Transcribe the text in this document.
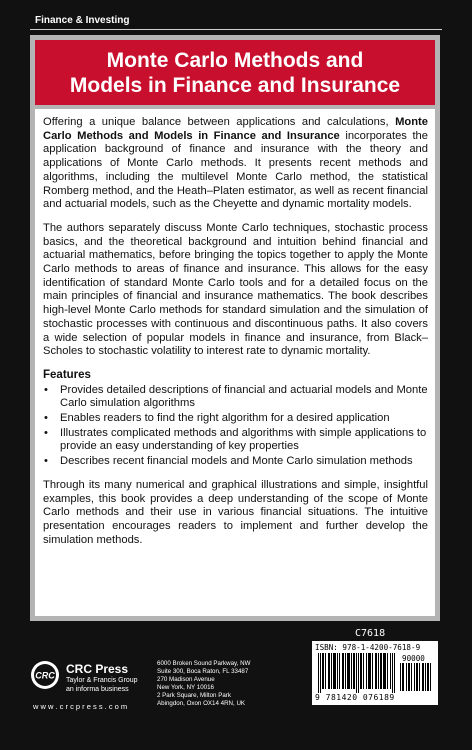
Finance & Investing
Monte Carlo Methods and
Models in Finance and Insurance

Offering a unique balance between applications and calculations, Monte Carlo Methods and Models in Finance and Insurance incorporates the application background of finance and insurance with the theory and applications of Monte Carlo methods. It presents recent methods and algorithms, including the multilevel Monte Carlo method, the statistical Romberg method, and the Heath–Platen estimator, as well as recent financial and actuarial models, such as the Cheyette and dynamic mortality models.

The authors separately discuss Monte Carlo techniques, stochastic process basics, and the theoretical background and intuition behind financial and actuarial mathematics, before bringing the topics together to apply the Monte Carlo methods to areas of finance and insurance. This allows for the easy identification of standard Monte Carlo tools and for a detailed focus on the main principles of financial and insurance mathematics. The book describes high-level Monte Carlo methods for standard simulation and the simulation of stochastic processes with continuous and discontinuous paths. It also covers a wide selection of popular models in finance and insurance, from Black–Scholes to stochastic volatility to interest rate to dynamic mortality.

Features
• Provides detailed descriptions of financial and actuarial models and Monte Carlo simulation algorithms
• Enables readers to find the right algorithm for a desired application
• Illustrates complicated methods and algorithms with simple applications to provide an easy understanding of key properties
• Describes recent financial models and Monte Carlo simulation methods

Through its many numerical and graphical illustrations and simple, insightful examples, this book provides a deep understanding of the scope of Monte Carlo methods and their use in various financial situations. The intuitive presentation encourages readers to implement and further develop the simulation methods.

C7618
ISBN: 978-1-4200-7618-9
90000
9 781420 076189
CRC CRC Press
Taylor & Francis Group
an informa business
w w w . c r c p r e s s . c o m
6000 Broken Sound Parkway, NW
Suite 300, Boca Raton, FL 33487
270 Madison Avenue
New York, NY 10016
2 Park Square, Milton Park
Abingdon, Oxon OX14 4RN, UK
